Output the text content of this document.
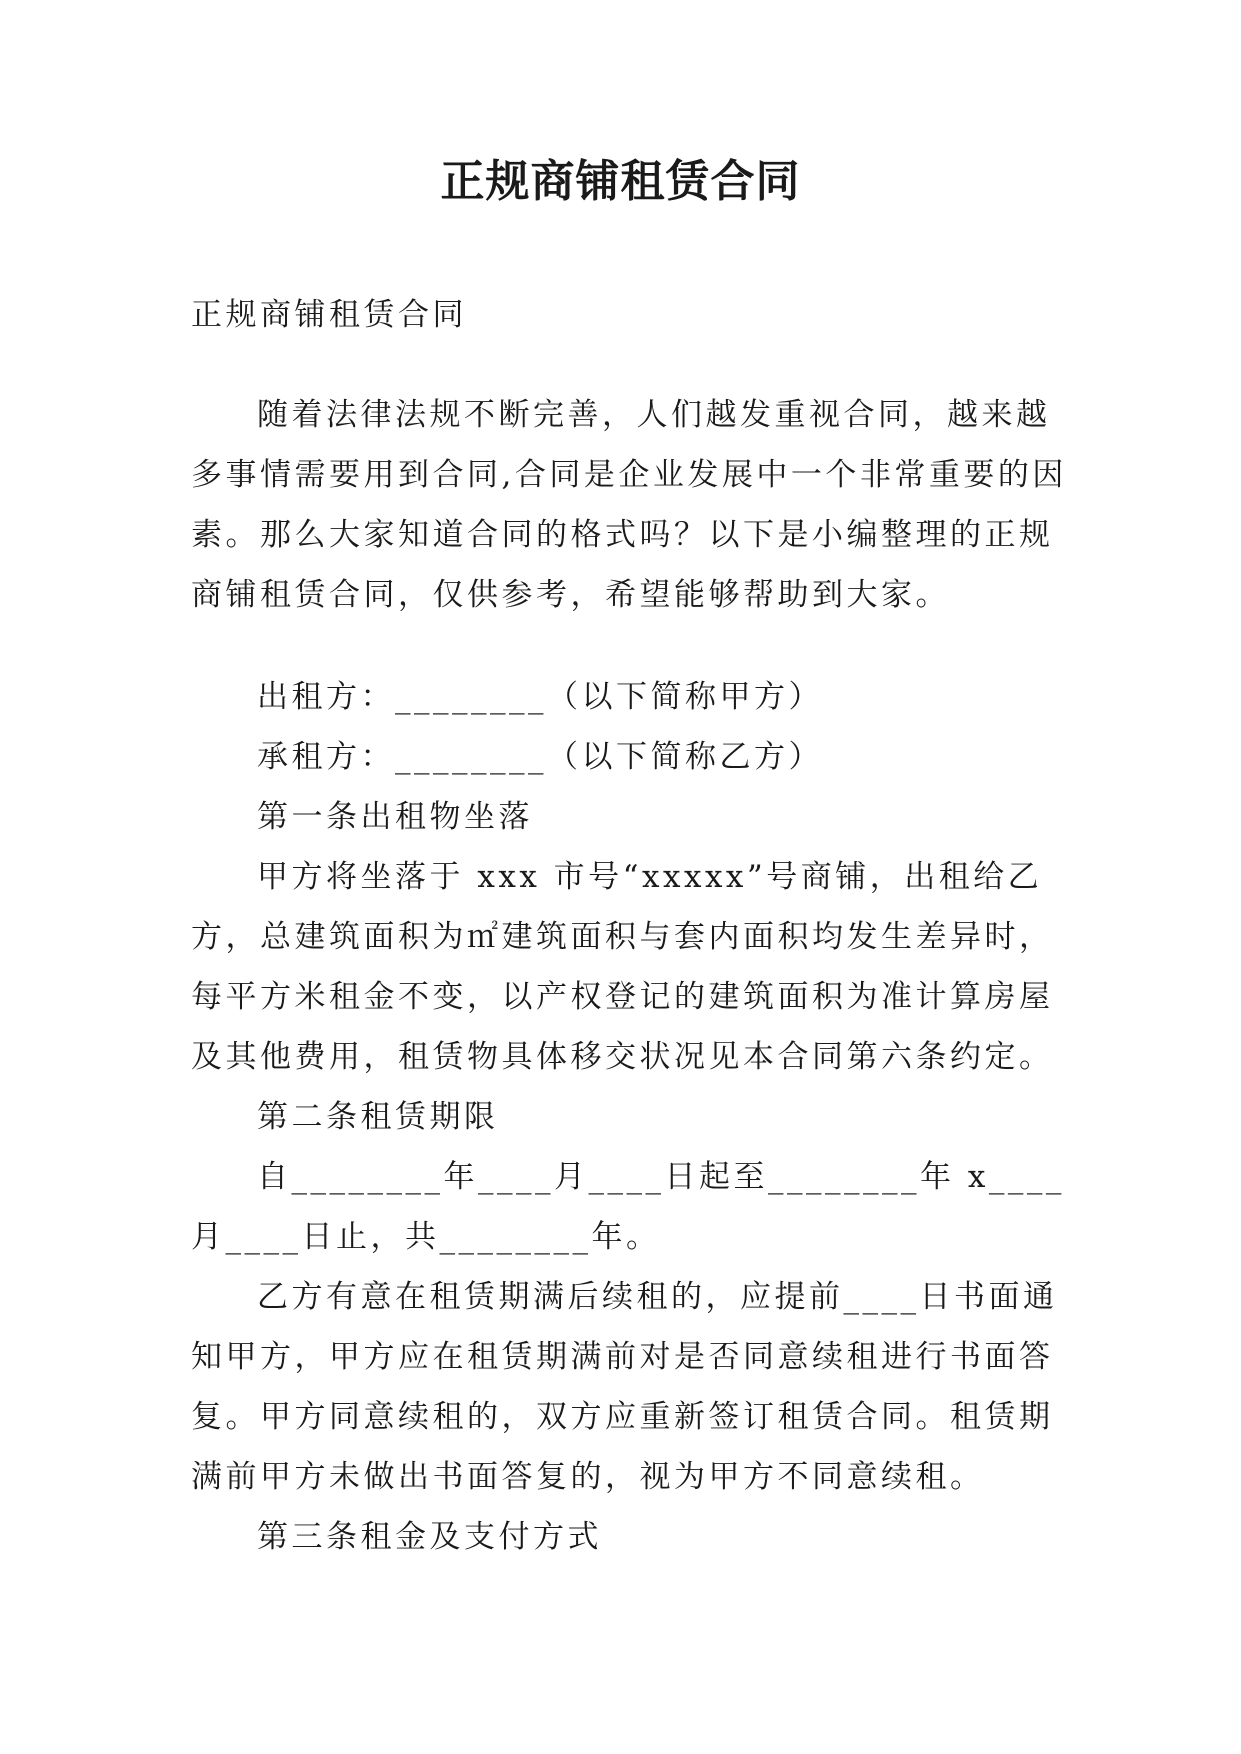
正规商铺租赁合同

正规商铺租赁合同

随着法律法规不断完善，人们越发重视合同，越来越多事情需要用到合同,合同是企业发展中一个非常重要的因素。那么大家知道合同的格式吗？以下是小编整理的正规商铺租赁合同，仅供参考，希望能够帮助到大家。

出租方：________（以下简称甲方）

承租方：________（以下简称乙方）

第一条出租物坐落

甲方将坐落于 xxx 市号“xxxxx”号商铺，出租给乙方，总建筑面积为㎡建筑面积与套内面积均发生差异时，每平方米租金不变，以产权登记的建筑面积为准计算房屋及其他费用，租赁物具体移交状况见本合同第六条约定。

第二条租赁期限

自________年____月____日起至________年 x____月____日止，共________年。

乙方有意在租赁期满后续租的，应提前____日书面通知甲方，甲方应在租赁期满前对是否同意续租进行书面答复。甲方同意续租的，双方应重新签订租赁合同。租赁期满前甲方未做出书面答复的，视为甲方不同意续租。

第三条租金及支付方式
